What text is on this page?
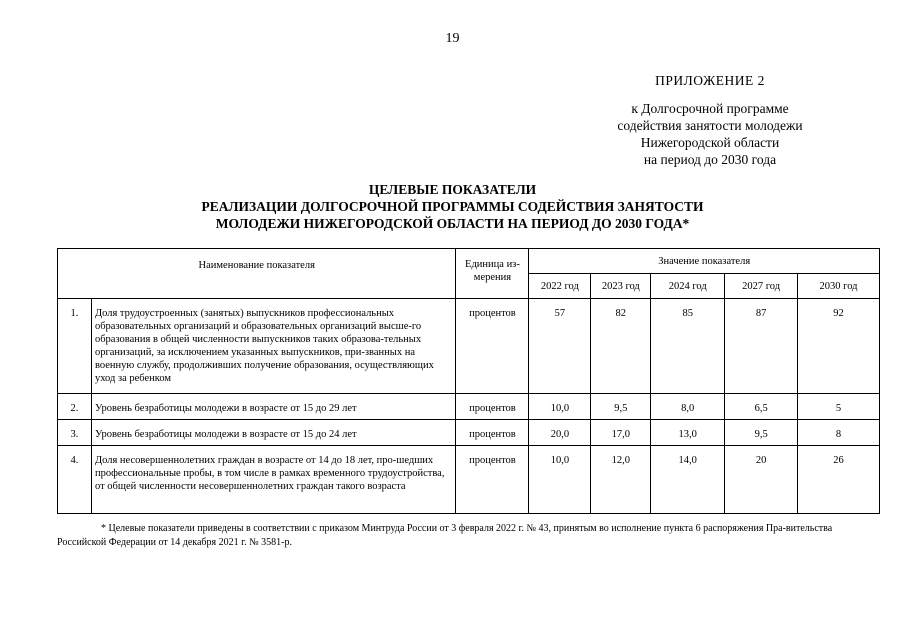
19
ПРИЛОЖЕНИЕ 2
к Долгосрочной программе
содействия занятости молодежи
Нижегородской области
на период до 2030 года
ЦЕЛЕВЫЕ ПОКАЗАТЕЛИ
РЕАЛИЗАЦИИ ДОЛГОСРОЧНОЙ ПРОГРАММЫ СОДЕЙСТВИЯ ЗАНЯТОСТИ
МОЛОДЕЖИ НИЖЕГОРОДСКОЙ ОБЛАСТИ НА ПЕРИОД ДО 2030 ГОДА*
Наименование показателя		Единица из-мерения	Значение показателя				
			2022 год	2023 год	2024 год	2027 год	2030 год
1.	Доля трудоустроенных (занятых) выпускников профессиональных образовательных организаций и образовательных организаций высше-го образования в общей численности выпускников таких образова-тельных организаций, за исключением указанных выпускников, при-званных на военную службу, продолживших получение образования, осуществляющих уход за ребенком	процентов	57	82	85	87	92
2.	Уровень безработицы молодежи в возрасте от 15 до 29 лет	процентов	10,0	9,5	8,0	6,5	5
3.	Уровень безработицы молодежи в возрасте от 15 до 24 лет	процентов	20,0	17,0	13,0	9,5	8
4.	Доля несовершеннолетних граждан в возрасте от 14 до 18 лет, про-шедших профессиональные пробы, в том числе в рамках временного трудоустройства, от общей численности несовершеннолетних граждан такого возраста	процентов	10,0	12,0	14,0	20	26
* Целевые показатели приведены в соответствии с приказом Минтруда России от 3 февраля 2022 г. № 43, принятым во исполнение пункта 6 распоряжения Пра-вительства Российской Федерации от 14 декабря 2021 г. № 3581-р.
